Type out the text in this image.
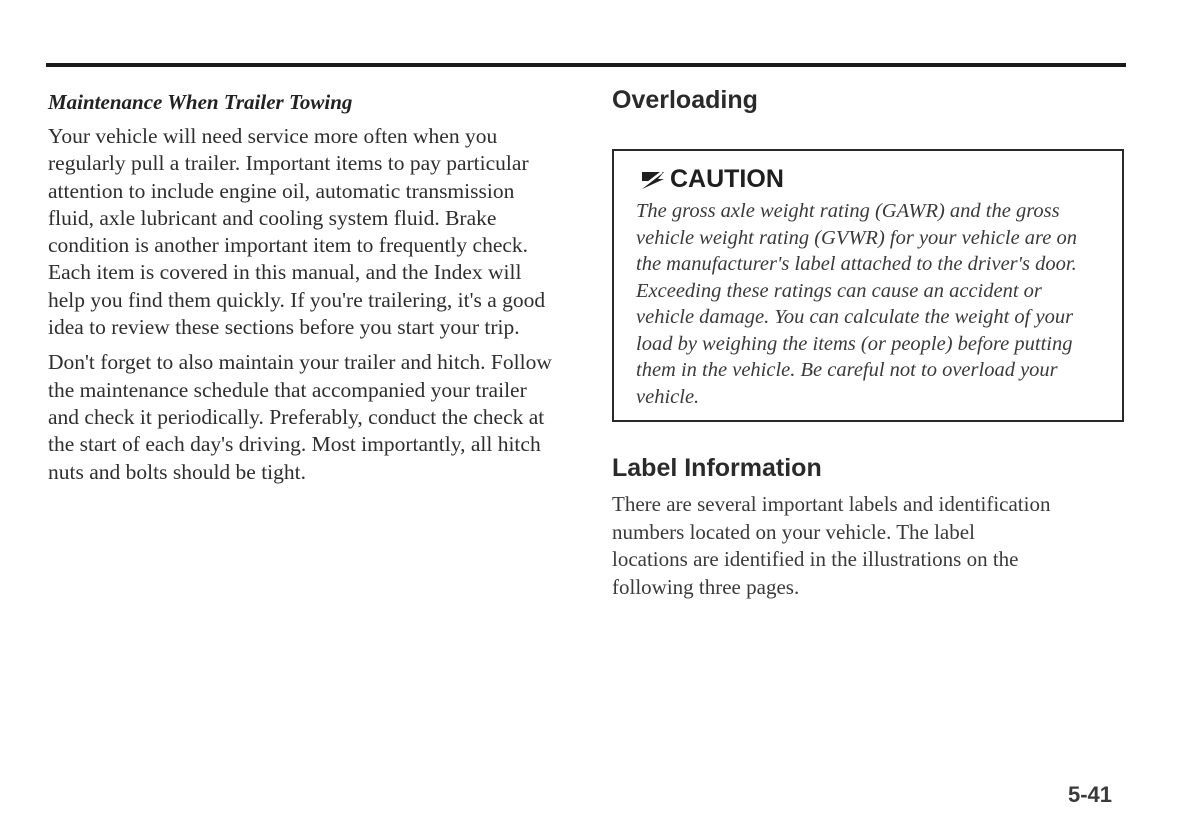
Maintenance When Trailer Towing

Your vehicle will need service more often when you regularly pull a trailer. Important items to pay particular attention to include engine oil, automatic transmission fluid, axle lubricant and cooling system fluid. Brake condition is another important item to frequently check. Each item is covered in this manual, and the Index will help you find them quickly. If you're trailering, it's a good idea to review these sections before you start your trip.

Don't forget to also maintain your trailer and hitch. Follow the maintenance schedule that accompanied your trailer and check it periodically. Preferably, conduct the check at the start of each day's driving. Most importantly, all hitch nuts and bolts should be tight.

Overloading
CAUTION

The gross axle weight rating (GAWR) and the gross vehicle weight rating (GVWR) for your vehicle are on the manufacturer's label attached to the driver's door. Exceeding these ratings can cause an accident or vehicle damage. You can calculate the weight of your load by weighing the items (or people) before putting them in the vehicle. Be careful not to overload your vehicle.

Label Information

There are several important labels and identification numbers located on your vehicle. The label locations are identified in the illustrations on the following three pages.

5-41
